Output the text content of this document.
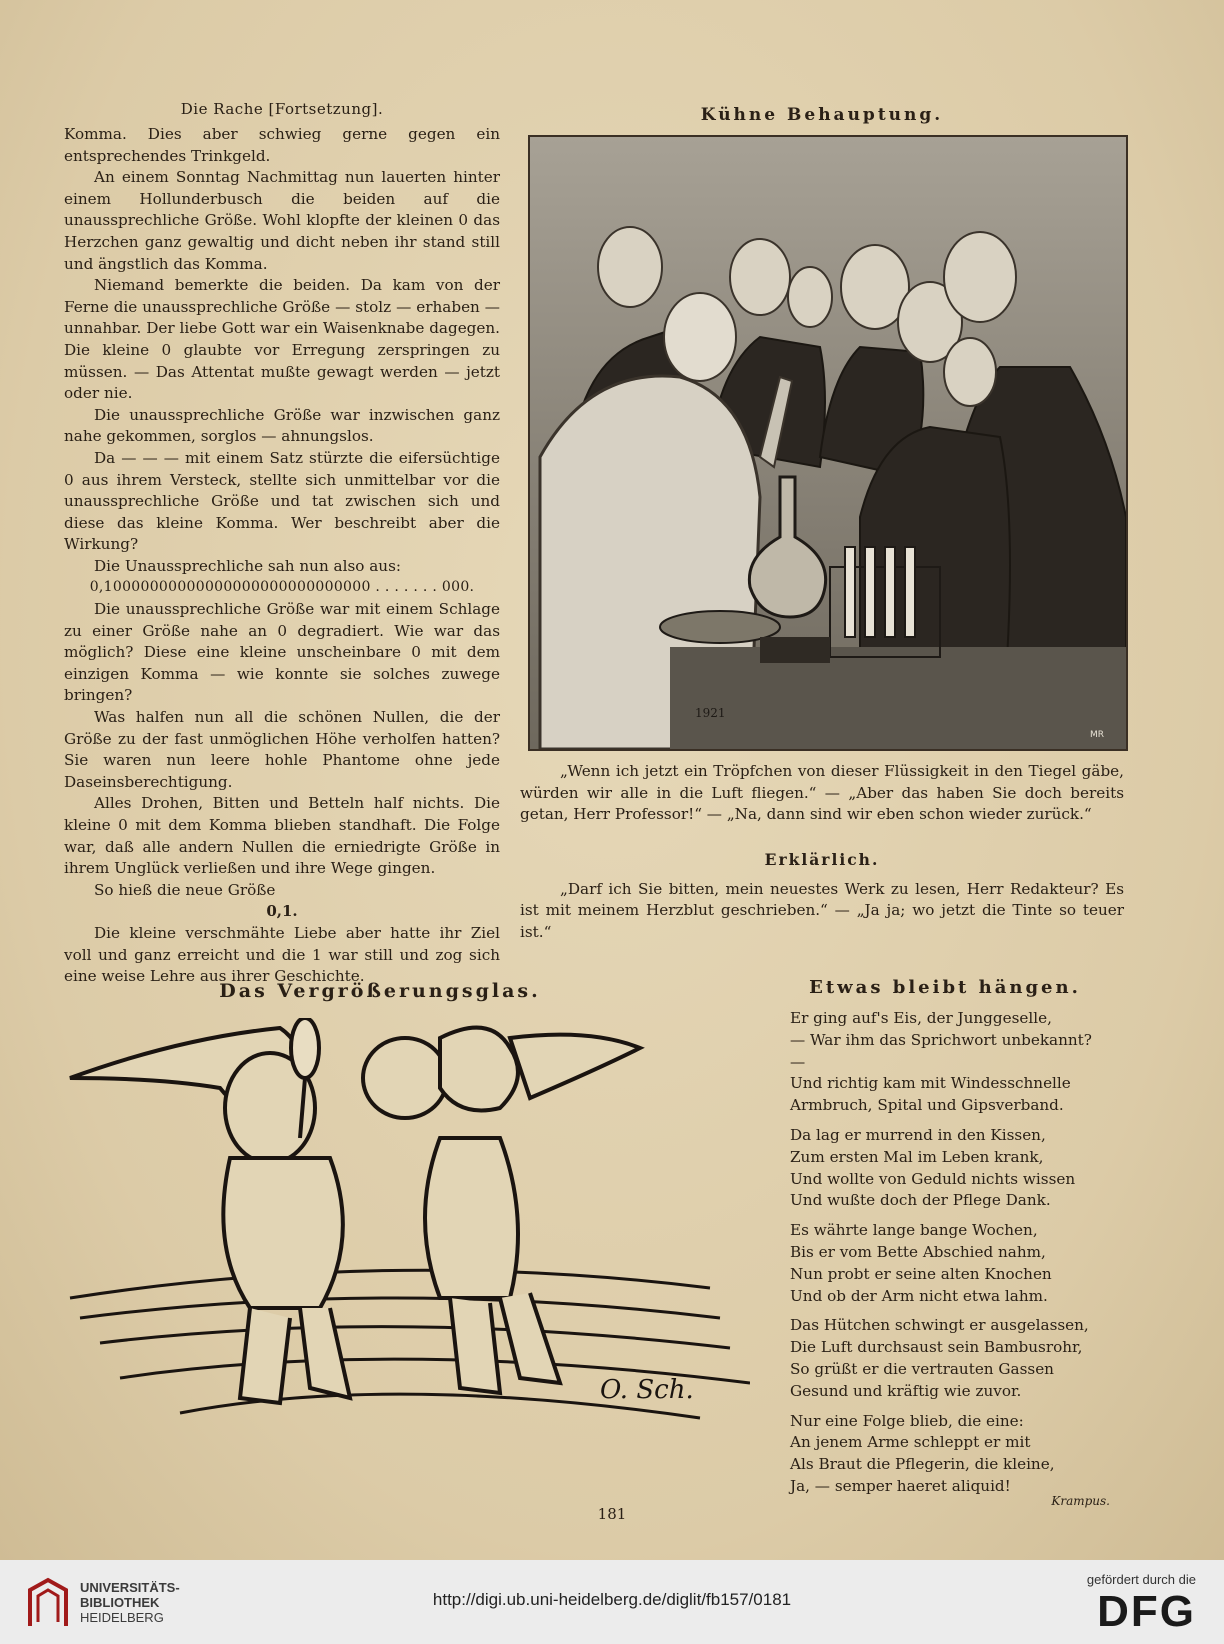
Die Rache [Fortsetzung].

Komma. Dies aber schwieg gerne gegen ein entsprechendes Trinkgeld.

An einem Sonntag Nachmittag nun lauerten hinter einem Hollunderbusch die beiden auf die unaussprechliche Größe. Wohl klopfte der kleinen 0 das Herzchen ganz gewaltig und dicht neben ihr stand still und ängstlich das Komma.

Niemand bemerkte die beiden. Da kam von der Ferne die unaussprechliche Größe — stolz — erhaben — unnahbar. Der liebe Gott war ein Waisenknabe dagegen. Die kleine 0 glaubte vor Erregung zerspringen zu müssen. — Das Attentat mußte gewagt werden — jetzt oder nie.

Die unaussprechliche Größe war inzwischen ganz nahe gekommen, sorglos — ahnungslos.

Da — — — mit einem Satz stürzte die eifersüchtige 0 aus ihrem Versteck, stellte sich unmittelbar vor die unaussprechliche Größe und tat zwischen sich und diese das kleine Komma. Wer beschreibt aber die Wirkung?

Die Unaussprechliche sah nun also aus:

0,10000000000000000000000000000 . . . . . . . 000.

Die unaussprechliche Größe war mit einem Schlage zu einer Größe nahe an 0 degradiert. Wie war das möglich? Diese eine kleine unscheinbare 0 mit dem einzigen Komma — wie konnte sie solches zuwege bringen?

Was halfen nun all die schönen Nullen, die der Größe zu der fast unmöglichen Höhe verholfen hatten? Sie waren nun leere hohle Phantome ohne jede Daseinsberechtigung.

Alles Drohen, Bitten und Betteln half nichts. Die kleine 0 mit dem Komma blieben standhaft. Die Folge war, daß alle andern Nullen die erniedrigte Größe in ihrem Unglück verließen und ihre Wege gingen.

So hieß die neue Größe

0,1.

Die kleine verschmähte Liebe aber hatte ihr Ziel voll und ganz erreicht und die 1 war still und zog sich eine weise Lehre aus ihrer Geschichte.

Kühne Behauptung.
1921
MR

„Wenn ich jetzt ein Tröpfchen von dieser Flüssigkeit in den Tiegel gäbe, würden wir alle in die Luft fliegen.“ — „Aber das haben Sie doch bereits getan, Herr Professor!“ — „Na, dann sind wir eben schon wieder zurück.“

Erklärlich.

„Darf ich Sie bitten, mein neuestes Werk zu lesen, Herr Redakteur? Es ist mit meinem Herzblut geschrieben.“ — „Ja ja; wo jetzt die Tinte so teuer ist.“

Das Vergrößerungsglas.
O. Sch.
Etwas bleibt hängen.
Er ging auf's Eis, der Junggeselle,
— War ihm das Sprichwort unbekannt? —
Und richtig kam mit Windesschnelle
Armbruch, Spital und Gipsverband.
Da lag er murrend in den Kissen,
Zum ersten Mal im Leben krank,
Und wollte von Geduld nichts wissen
Und wußte doch der Pflege Dank.
Es währte lange bange Wochen,
Bis er vom Bette Abschied nahm,
Nun probt er seine alten Knochen
Und ob der Arm nicht etwa lahm.
Das Hütchen schwingt er ausgelassen,
Die Luft durchsaust sein Bambusrohr,
So grüßt er die vertrauten Gassen
Gesund und kräftig wie zuvor.
Nur eine Folge blieb, die eine:
An jenem Arme schleppt er mit
Als Braut die Pflegerin, die kleine,
Ja, — semper haeret aliquid!
Krampus.
181
UNIVERSITÄTS-
BIBLIOTHEK
HEIDELBERG
http://digi.ub.uni-heidelberg.de/diglit/fb157/0181
gefördert durch die
DFG
